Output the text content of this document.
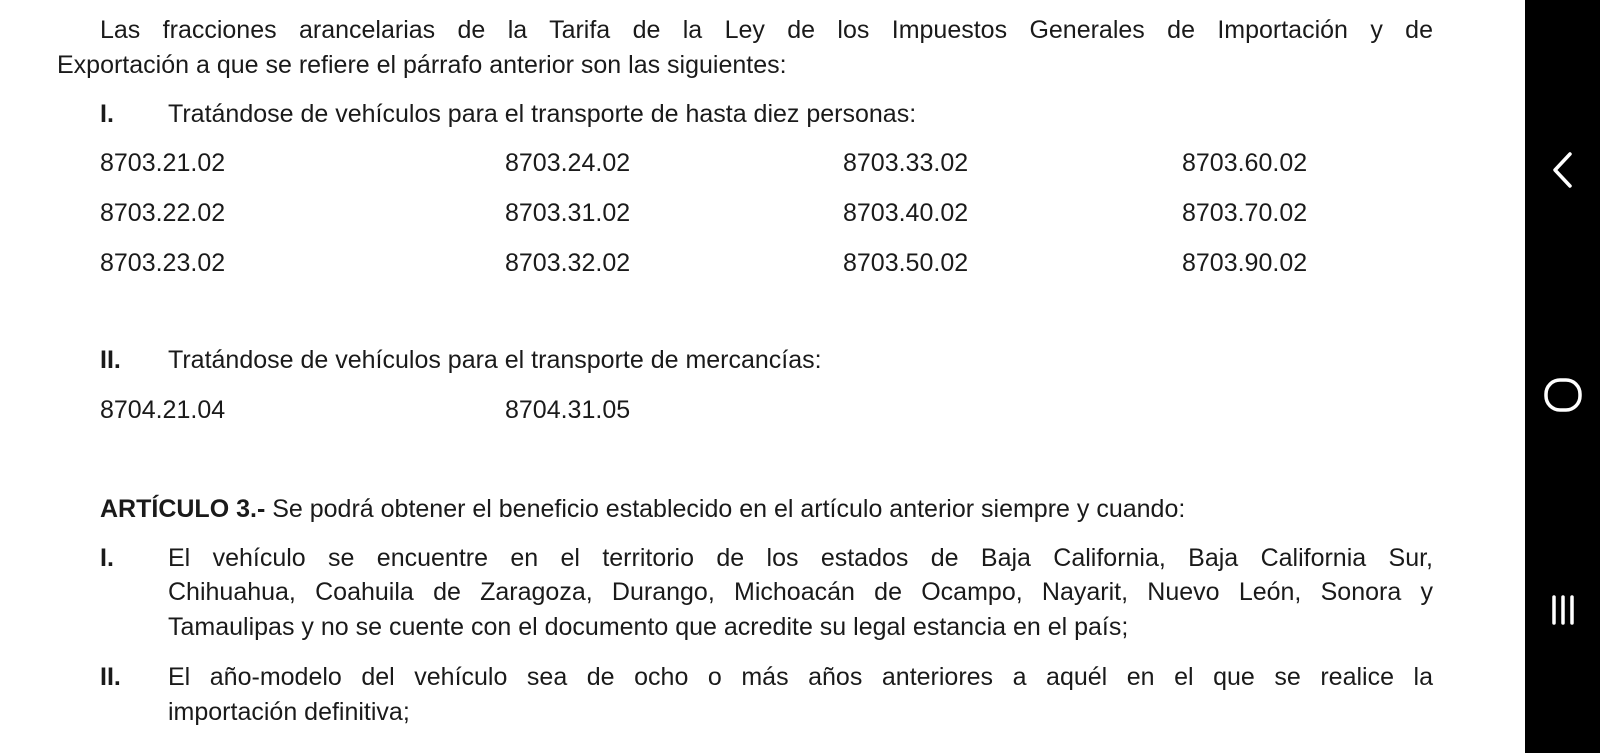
Las fracciones arancelarias de la Tarifa de la Ley de los Impuestos Generales de Importación y de
Exportación a que se refiere el párrafo anterior son las siguientes:
I. Tratándose de vehículos para el transporte de hasta diez personas:
8703.21.02	8703.24.02	8703.33.02	8703.60.02
8703.22.02	8703.31.02	8703.40.02	8703.70.02
8703.23.02	8703.32.02	8703.50.02	8703.90.02
II. Tratándose de vehículos para el transporte de mercancías:
8704.21.04	8704.31.05
ARTÍCULO 3.- Se podrá obtener el beneficio establecido en el artículo anterior siempre y cuando:
I. El vehículo se encuentre en el territorio de los estados de Baja California, Baja California Sur,
Chihuahua, Coahuila de Zaragoza, Durango, Michoacán de Ocampo, Nayarit, Nuevo León, Sonora y
Tamaulipas y no se cuente con el documento que acredite su legal estancia en el país;
II. El año-modelo del vehículo sea de ocho o más años anteriores a aquél en el que se realice la
importación definitiva;
